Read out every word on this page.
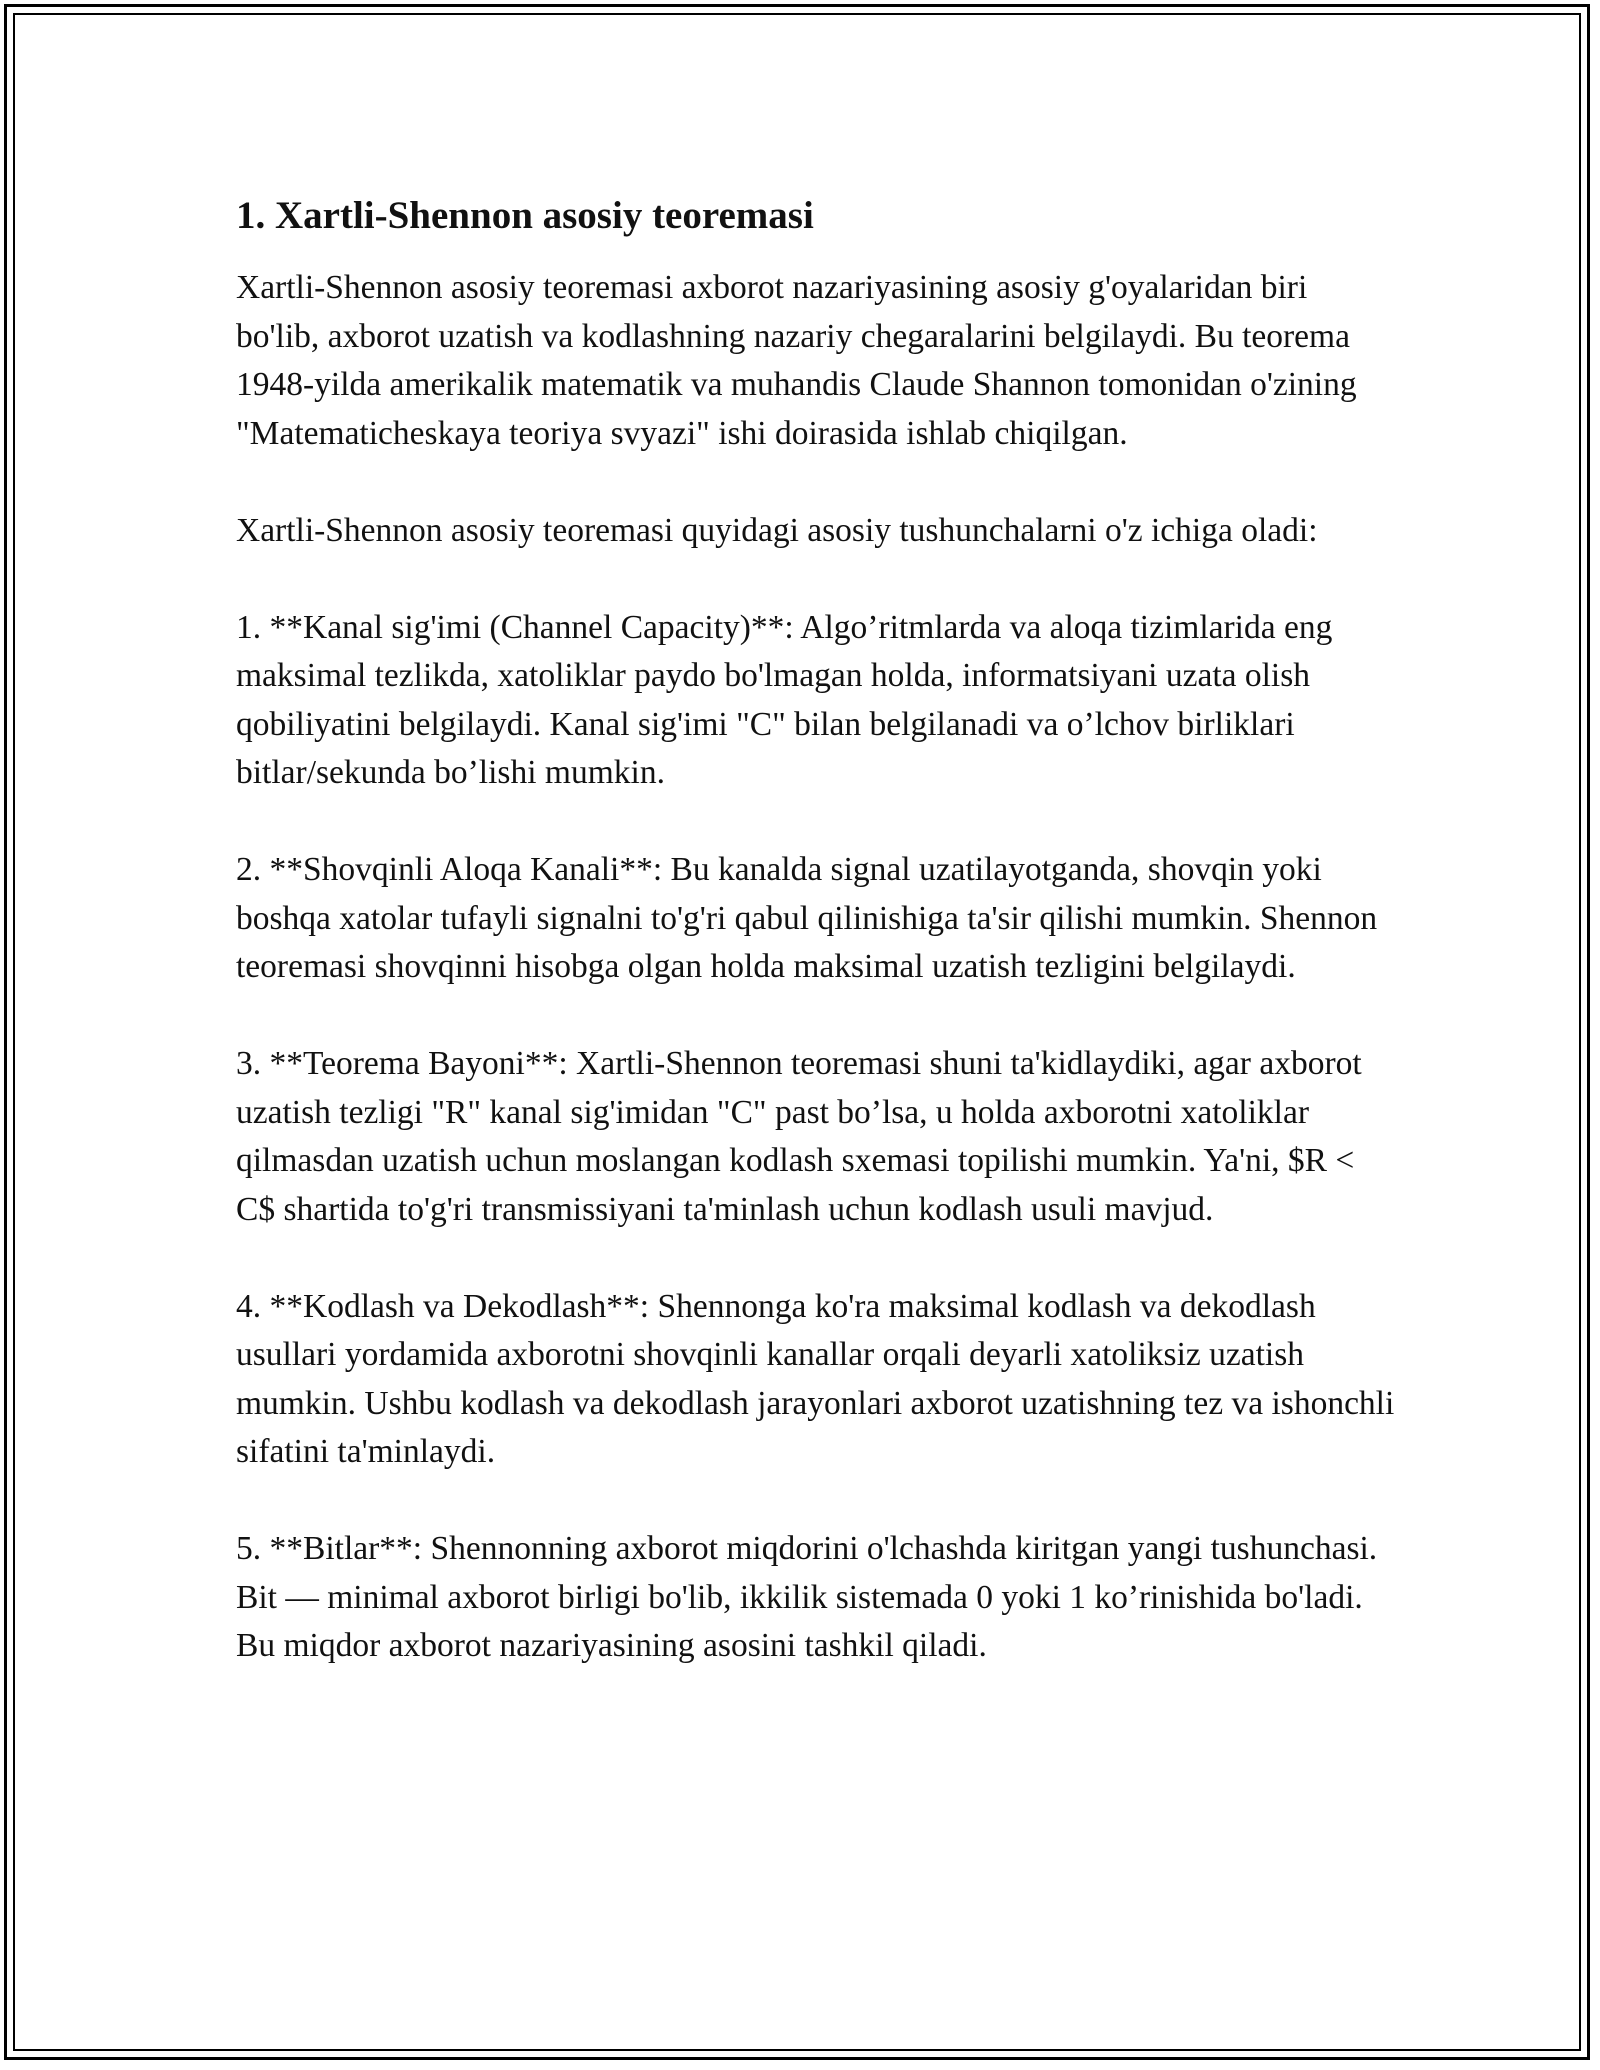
1. Xartli-Shennon asosiy teoremasi

Xartli-Shennon asosiy teoremasi axborot nazariyasining asosiy g'oyalaridan biri bo'lib, axborot uzatish va kodlashning nazariy chegaralarini belgilaydi. Bu teorema 1948-yilda amerikalik matematik va muhandis Claude Shannon tomonidan o'zining "Matematicheskaya teoriya svyazi" ishi doirasida ishlab chiqilgan.

Xartli-Shennon asosiy teoremasi quyidagi asosiy tushunchalarni o'z ichiga oladi:

1. **Kanal sig'imi (Channel Capacity)**: Algo’ritmlarda va aloqa tizimlarida eng maksimal tezlikda, xatoliklar paydo bo'lmagan holda, informatsiyani uzata olish qobiliyatini belgilaydi. Kanal sig'imi "C" bilan belgilanadi va o’lchov birliklari bitlar/sekunda bo’lishi mumkin.

2. **Shovqinli Aloqa Kanali**: Bu kanalda signal uzatilayotganda, shovqin yoki boshqa xatolar tufayli signalni to'g'ri qabul qilinishiga ta'sir qilishi mumkin. Shennon teoremasi shovqinni hisobga olgan holda maksimal uzatish tezligini belgilaydi.

3. **Teorema Bayoni**: Xartli-Shennon teoremasi shuni ta'kidlaydiki, agar axborot uzatish tezligi "R" kanal sig'imidan "C" past bo’lsa, u holda axborotni xatoliklar qilmasdan uzatish uchun moslangan kodlash sxemasi topilishi mumkin. Ya'ni, $R < C$ shartida to'g'ri transmissiyani ta'minlash uchun kodlash usuli mavjud.

4. **Kodlash va Dekodlash**: Shennonga ko'ra maksimal kodlash va dekodlash usullari yordamida axborotni shovqinli kanallar orqali deyarli xatoliksiz uzatish mumkin. Ushbu kodlash va dekodlash jarayonlari axborot uzatishning tez va ishonchli sifatini ta'minlaydi.

5. **Bitlar**: Shennonning axborot miqdorini o'lchashda kiritgan yangi tushunchasi. Bit — minimal axborot birligi bo'lib, ikkilik sistemada 0 yoki 1 ko’rinishida bo'ladi. Bu miqdor axborot nazariyasining asosini tashkil qiladi.
